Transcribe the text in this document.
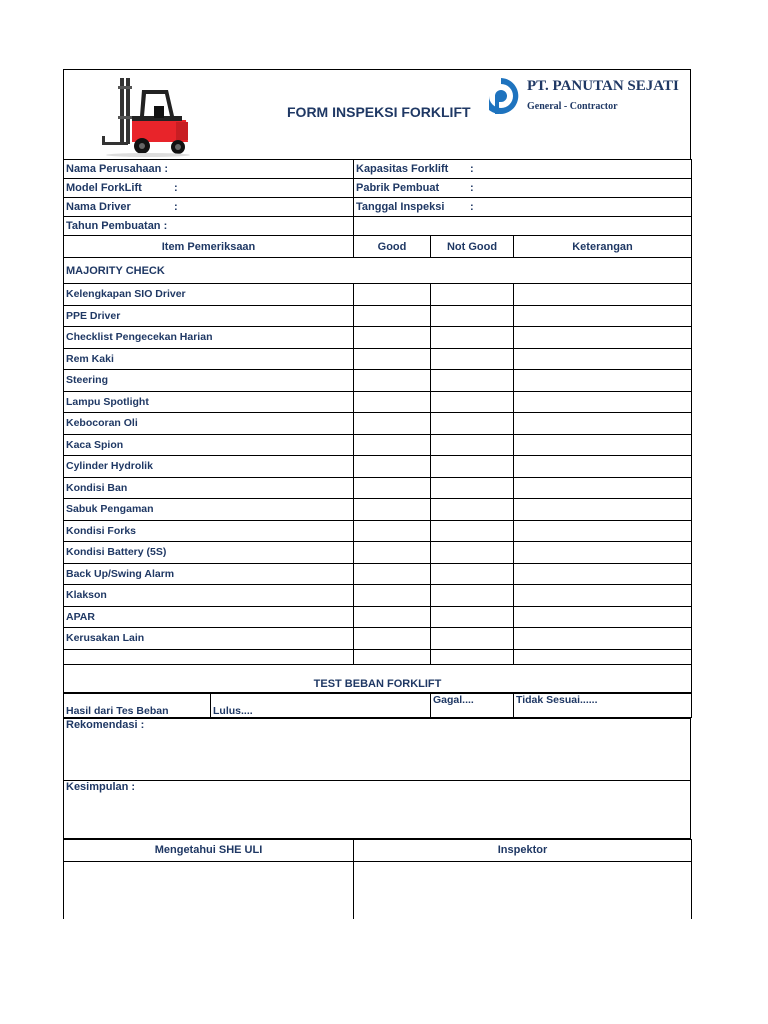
FORM INSPEKSI FORKLIFT
PT. PANUTAN SEJATI
General - Contractor
Nama Perusahaan :	Kapasitas Forklift :		
Model ForkLift :	Pabrik Pembuat :		
Nama Driver :	Tanggal Inspeksi :		
Tahun Pembuatan :			
Item Pemeriksaan	Good	Not Good	Keterangan
MAJORITY CHECK			
Kelengkapan SIO Driver			
PPE Driver			
Checklist Pengecekan Harian			
Rem Kaki			
Steering			
Lampu Spotlight			
Kebocoran Oli			
Kaca Spion			
Cylinder Hydrolik			
Kondisi Ban			
Sabuk Pengaman			
Kondisi Forks			
Kondisi Battery (5S)			
Back Up/Swing Alarm			
Klakson			
APAR			
Kerusakan Lain			

TEST BEBAN FORKLIFT			
Hasil dari Tes Beban	Lulus....	Gagal....	Tidak Sesuai......
Rekomendasi :
Kesimpulan :
Mengetahui SHE ULI	Inspektor
